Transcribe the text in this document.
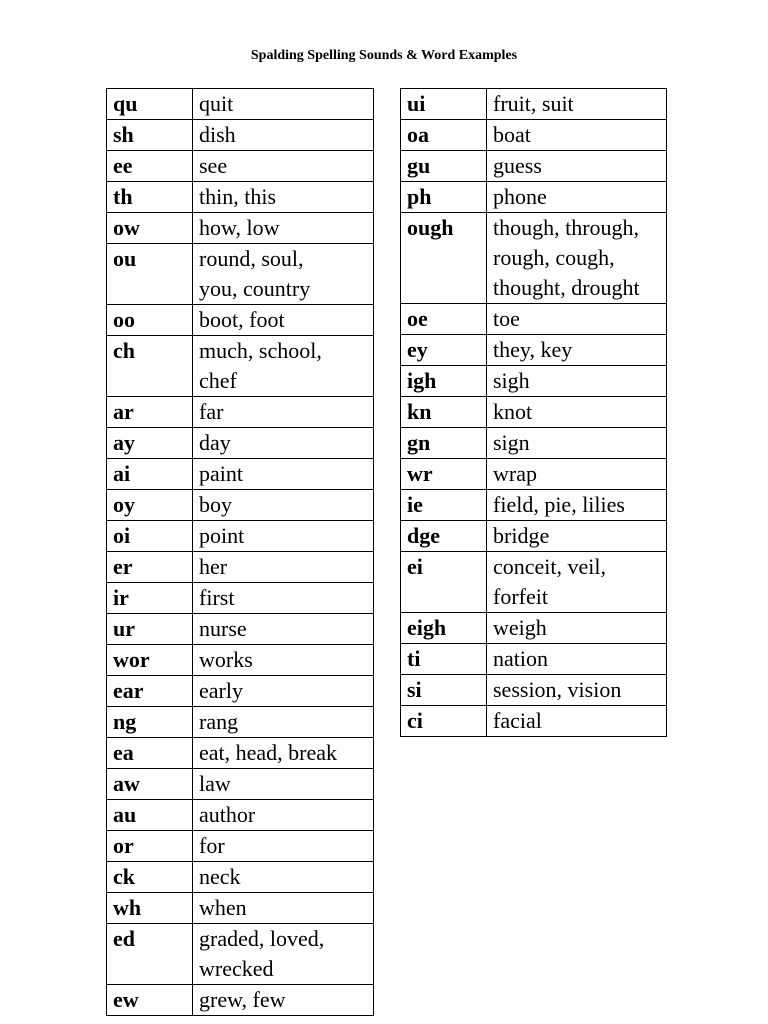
Spalding Spelling Sounds & Word Examples
qu	quit
sh	dish
ee	see
th	thin, this
ow	how, low
ou	round, soul,
you, country
oo	boot, foot
ch	much, school,
chef
ar	far
ay	day
ai	paint
oy	boy
oi	point
er	her
ir	first
ur	nurse
wor	works
ear	early
ng	rang
ea	eat, head, break
aw	law
au	author
or	for
ck	neck
wh	when
ed	graded, loved,
wrecked
ew	grew, few
ui	fruit, suit
oa	boat
gu	guess
ph	phone
ough	though, through,
rough, cough,
thought, drought
oe	toe
ey	they, key
igh	sigh
kn	knot
gn	sign
wr	wrap
ie	field, pie, lilies
dge	bridge
ei	conceit, veil,
forfeit
eigh	weigh
ti	nation
si	session, vision
ci	facial
